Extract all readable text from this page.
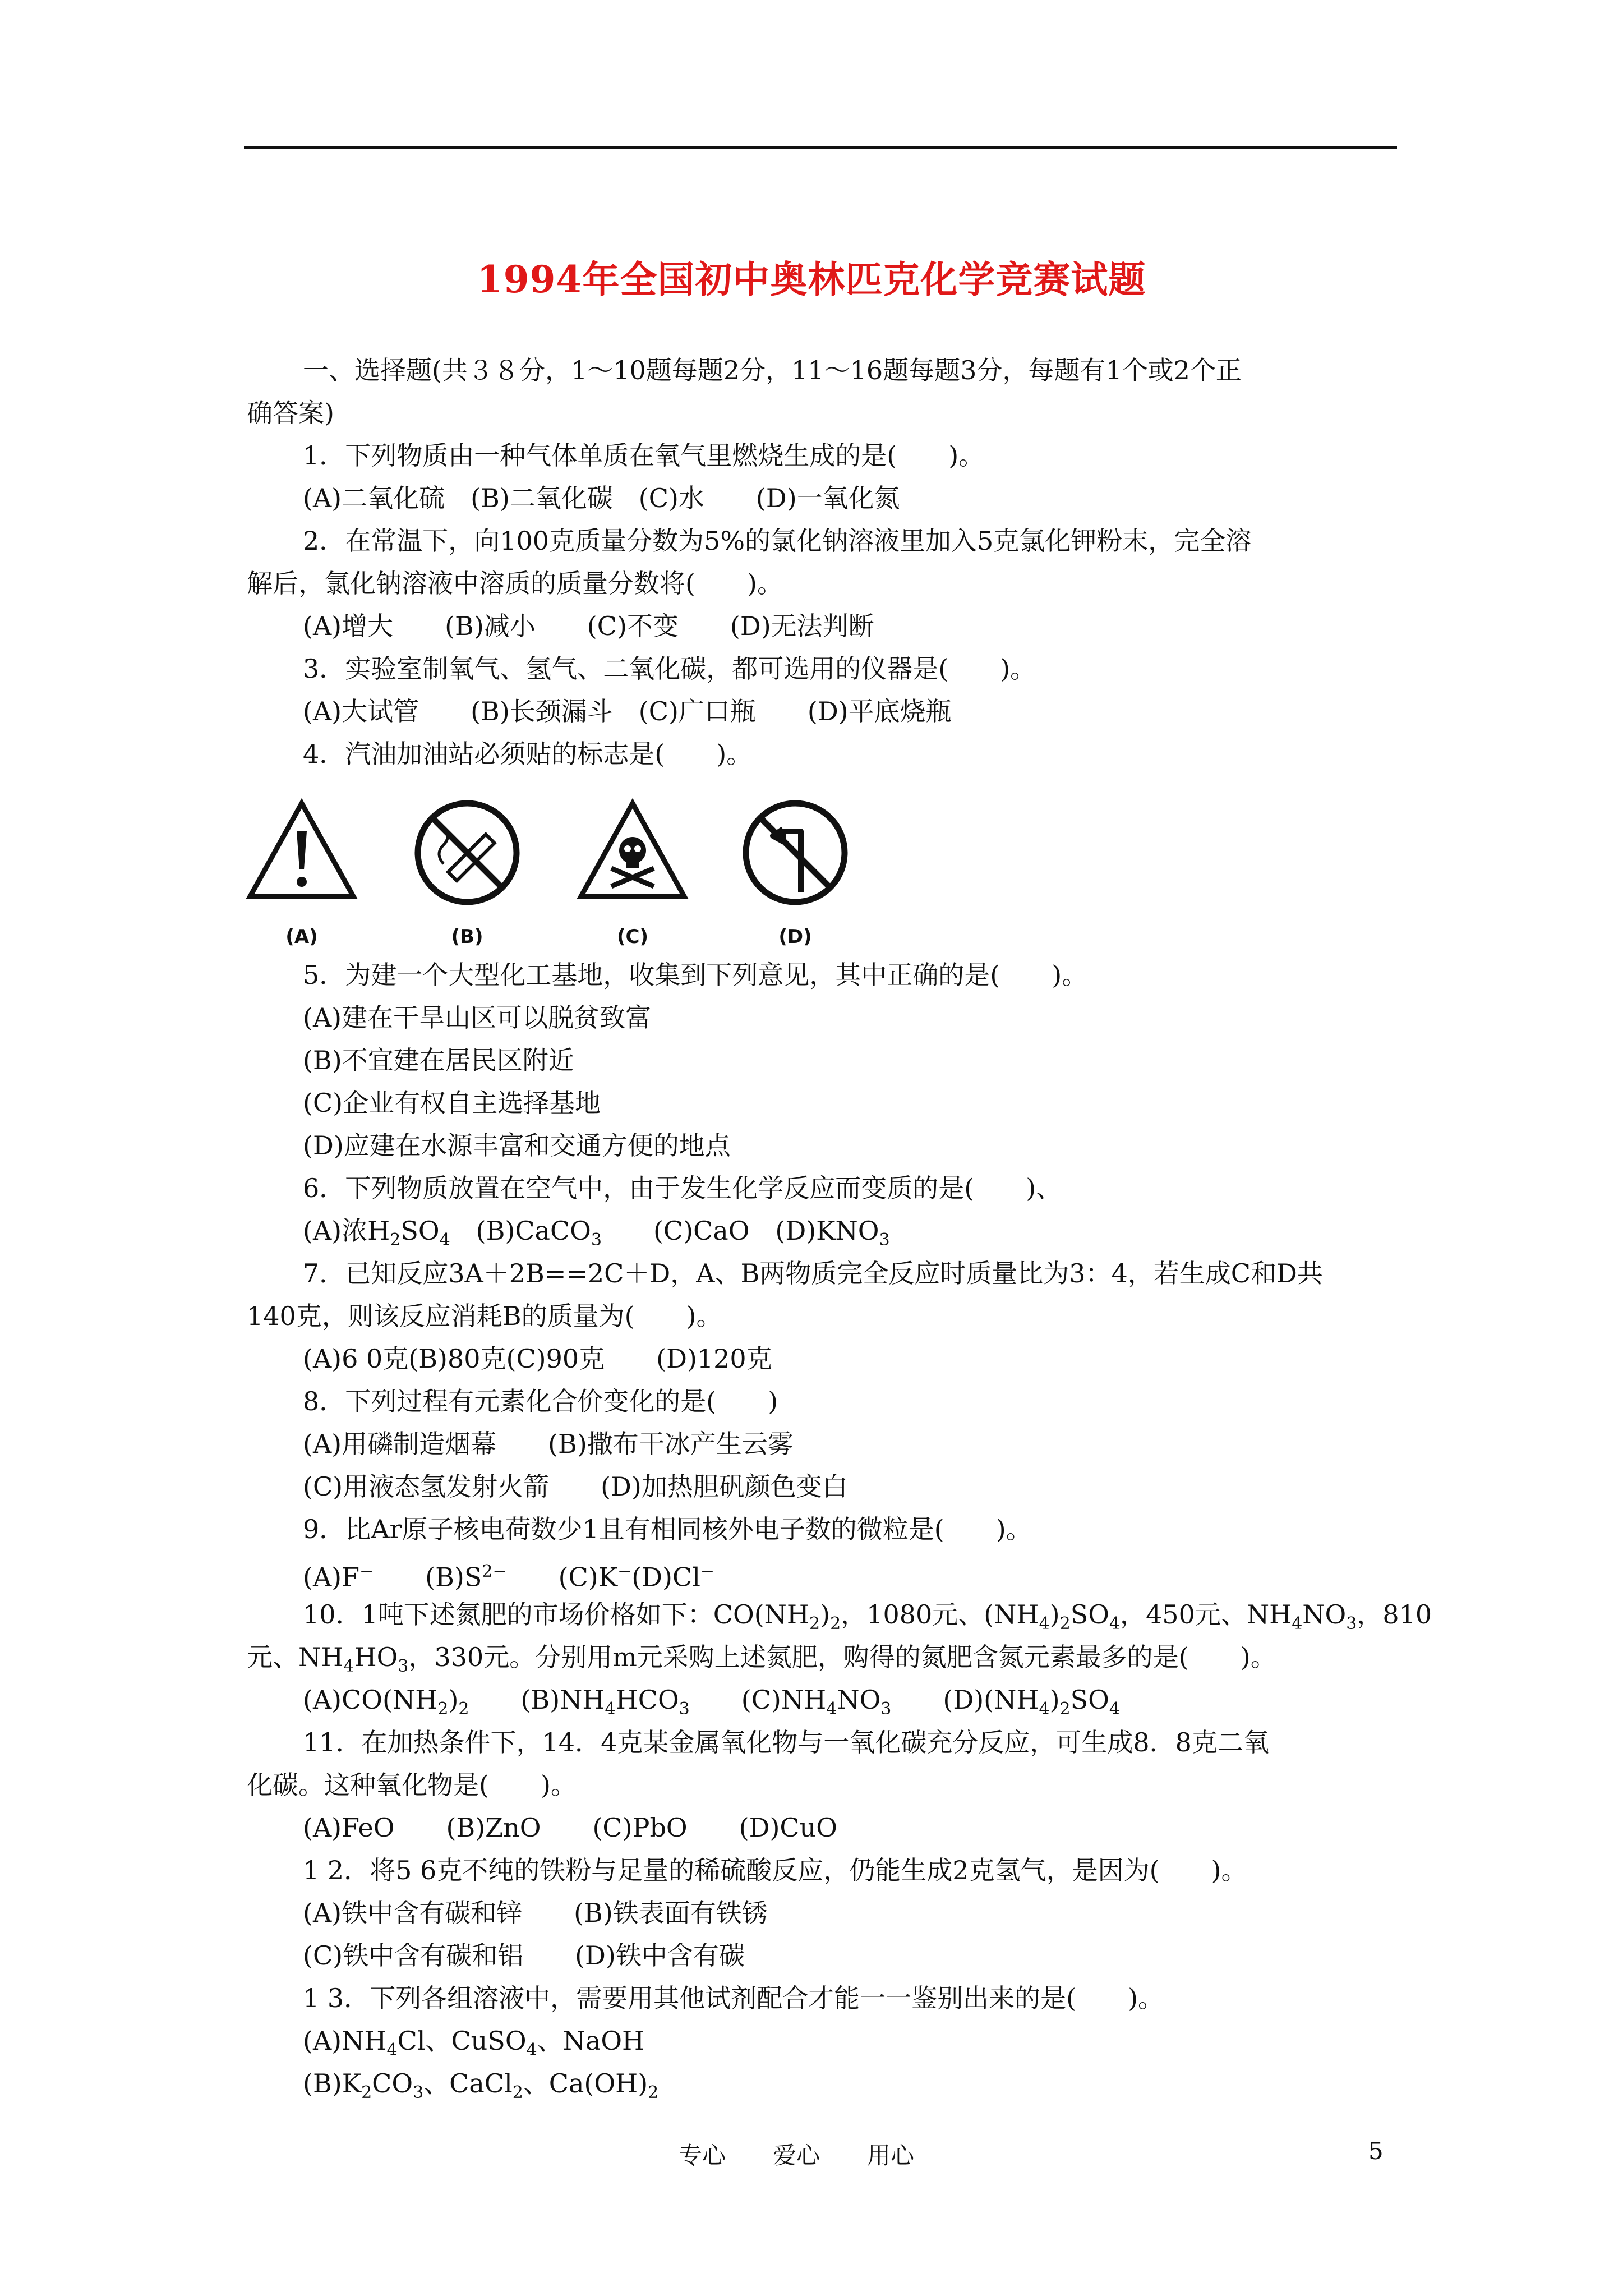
1994年全国初中奥林匹克化学竞赛试题
一、选择题(共３８分，1～10题每题2分，11～16题每题3分，每题有1个或2个正
确答案)
1．下列物质由一种气体单质在氧气里燃烧生成的是(　　)。
(A)二氧化硫　(B)二氧化碳　(C)水　　(D)一氧化氮
2．在常温下，向100克质量分数为5%的氯化钠溶液里加入5克氯化钾粉末，完全溶
解后，氯化钠溶液中溶质的质量分数将(　　)。
(A)增大　　(B)减小　　(C)不变　　(D)无法判断
3．实验室制氧气、氢气、二氧化碳，都可选用的仪器是(　　)。
(A)大试管　　(B)长颈漏斗　(C)广口瓶　　(D)平底烧瓶
4．汽油加油站必须贴的标志是(　　)。
5．为建一个大型化工基地，收集到下列意见，其中正确的是(　　)。
(A)建在干旱山区可以脱贫致富
(B)不宜建在居民区附近
(C)企业有权自主选择基地
(D)应建在水源丰富和交通方便的地点
6．下列物质放置在空气中，由于发生化学反应而变质的是(　　)、
(A)浓$H_2SO_4$　 (B)CaCO$_3$　　 (C)CaO　 $(D)KNO_3$
7．已知反应3A＋2B==2C＋D，A、B两物质完全反应时质量比为3：4，若生成C和D共
140克，则该反应消耗B的质量为(　　)。
(A)6 0克(B)80克(C)90克　　(D)120克
8．下列过程有元素化合价变化的是(　　)
(A)用磷制造烟幕　　(B)撒布干冰产生云雾
(C)用液态氢发射火箭　　(D)加热胆矾颜色变白
9．比Ar原子核电荷数少1且有相同核外电子数的微粒是(　　)。
(A)F−　　 $(B)S^{2-}$　　 (C)K−(D)Cl−
10．1吨下述氮肥的市场价格如下：$CO(NH_2)_2$，1080元、$(NH_4)_2SO_4$，450元、$NH_4NO_3$，810
元、$NH_4HO_3$，330元。分别用m元采购上述氮肥，购得的氮肥含氮元素最多的是(　　)。
$(A)CO(NH_2)_2$　　 $(B)NH_4HCO_3$　　 $(C)NH_4NO_3$　　 $(D)(NH_4)_2SO_4$
11．在加热条件下，14．4克某金属氧化物与一氧化碳充分反应，可生成8．8克二氧
化碳。这种氧化物是(　　)。
(A)FeO　　(B)ZnO　　(C)PbO　　(D)CuO
1 2．将5 6克不纯的铁粉与足量的稀硫酸反应，仍能生成2克氢气，是因为(　　)。
(A)铁中含有碳和锌　　(B)铁表面有铁锈
(C)铁中含有碳和铝　　(D)铁中含有碳
1 3．下列各组溶液中，需要用其他试剂配合才能一一鉴别出来的是(　　)。
$(A)NH_4Cl$、CuSO$_4$、NaOH
$(B)K_2CO_3$、CaCl$_2$、$Ca(OH)_2$
(A)	(B)	(C)	(D)
专心　　爱心　　用心	5
